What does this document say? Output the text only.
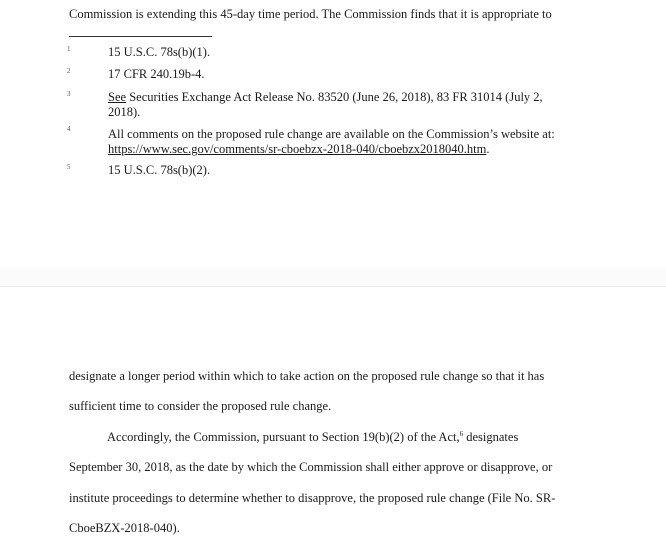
Commission is extending this 45-day time period. The Commission finds that it is appropriate to
1	15 U.S.C. 78s(b)(1).
2	17 CFR 240.19b-4.
3	See Securities Exchange Act Release No. 83520 (June 26, 2018), 83 FR 31014 (July 2,
2018).
4	All comments on the proposed rule change are available on the Commission’s website at:
https://www.sec.gov/comments/sr-cboebzx-2018-040/cboebzx2018040.htm.
5	15 U.S.C. 78s(b)(2).
designate a longer period within which to take action on the proposed rule change so that it has
sufficient time to consider the proposed rule change.
Accordingly, the Commission, pursuant to Section 19(b)(2) of the Act,$^6$ designates
September 30, 2018, as the date by which the Commission shall either approve or disapprove, or
institute proceedings to determine whether to disapprove, the proposed rule change (File No. SR-
CboeBZX-2018-040).
